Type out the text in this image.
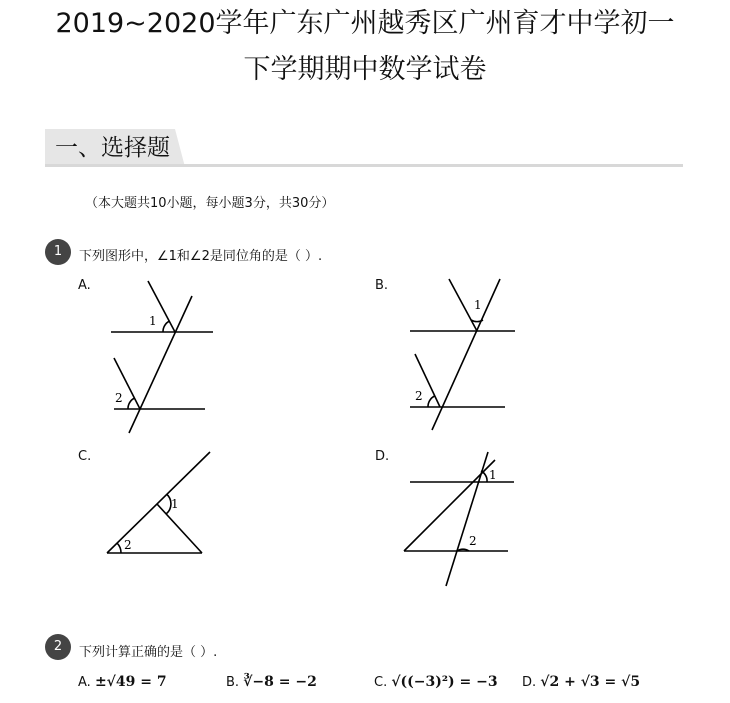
2019~2020学年广东广州越秀区广州育才中学初一
下学期期中数学试卷
一、选择题
（本大题共10小题，每小题3分，共30分）
1	下列图形中，∠1和∠2是同位角的是（ ）.
A.
1
2
1
2
2
1
1
2
B.
C.	D.
2	下列计算正确的是（ ）.
A. ±√49 = 7	B. ∛−8 = −2	C. √((−3)²) = −3 D. √2 + √3 = √5
